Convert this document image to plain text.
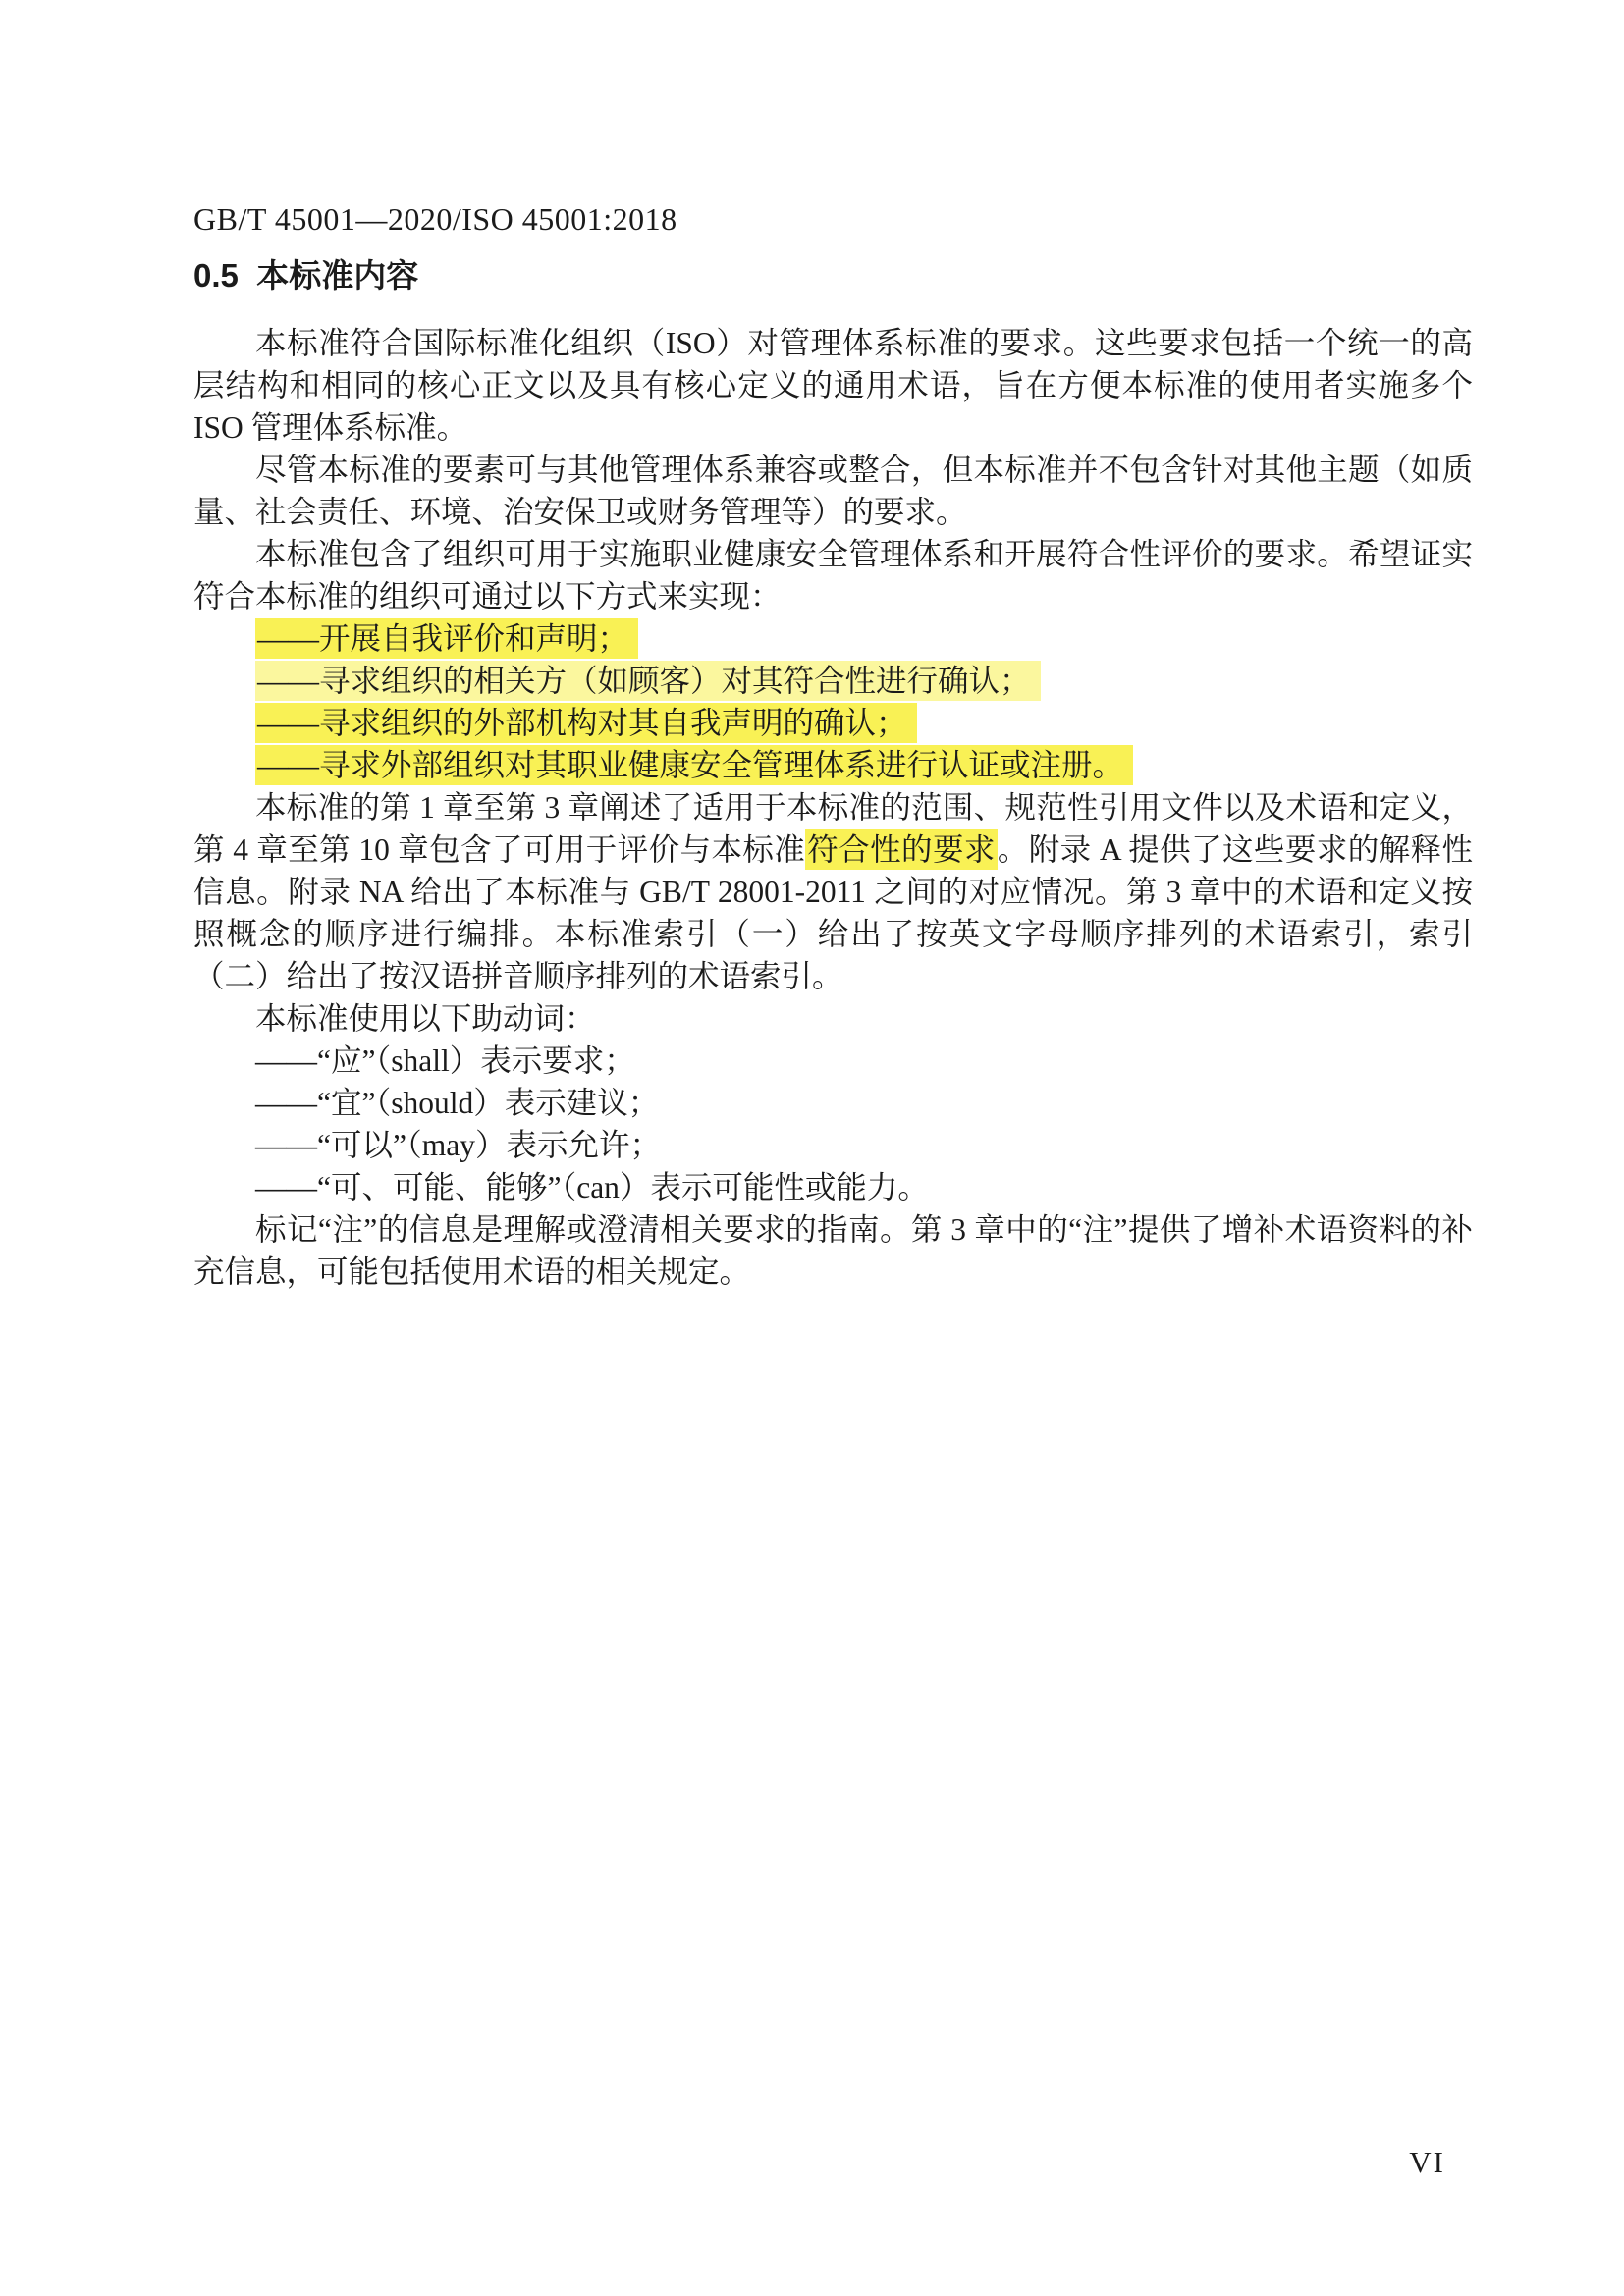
GB/T 45001—2020/ISO 45001:2018
0.5  本标准内容

本标准符合国际标准化组织（ISO）对管理体系标准的要求。这些要求包括一个统一的高层结构和相同的核心正文以及具有核心定义的通用术语，旨在方便本标准的使用者实施多个 ISO 管理体系标准。

尽管本标准的要素可与其他管理体系兼容或整合，但本标准并不包含针对其他主题（如质量、社会责任、环境、治安保卫或财务管理等）的要求。

本标准包含了组织可用于实施职业健康安全管理体系和开展符合性评价的要求。希望证实符合本标准的组织可通过以下方式来实现：

——开展自我评价和声明；
——寻求组织的相关方（如顾客）对其符合性进行确认；
——寻求组织的外部机构对其自我声明的确认；
——寻求外部组织对其职业健康安全管理体系进行认证或注册。

本标准的第 1 章至第 3 章阐述了适用于本标准的范围、规范性引用文件以及术语和定义，第 4 章至第 10 章包含了可用于评价与本标准符合性的要求。附录 A 提供了这些要求的解释性信息。附录 NA 给出了本标准与 GB/T 28001-2011 之间的对应情况。第 3 章中的术语和定义按照概念的顺序进行编排。本标准索引（一）给出了按英文字母顺序排列的术语索引，索引（二）给出了按汉语拼音顺序排列的术语索引。

本标准使用以下助动词：

——“应”（shall）表示要求；
——“宜”（should）表示建议；
——“可以”（may）表示允许；
——“可、可能、能够”（can）表示可能性或能力。

标记“注”的信息是理解或澄清相关要求的指南。第 3 章中的“注”提供了增补术语资料的补充信息，可能包括使用术语的相关规定。

VI
